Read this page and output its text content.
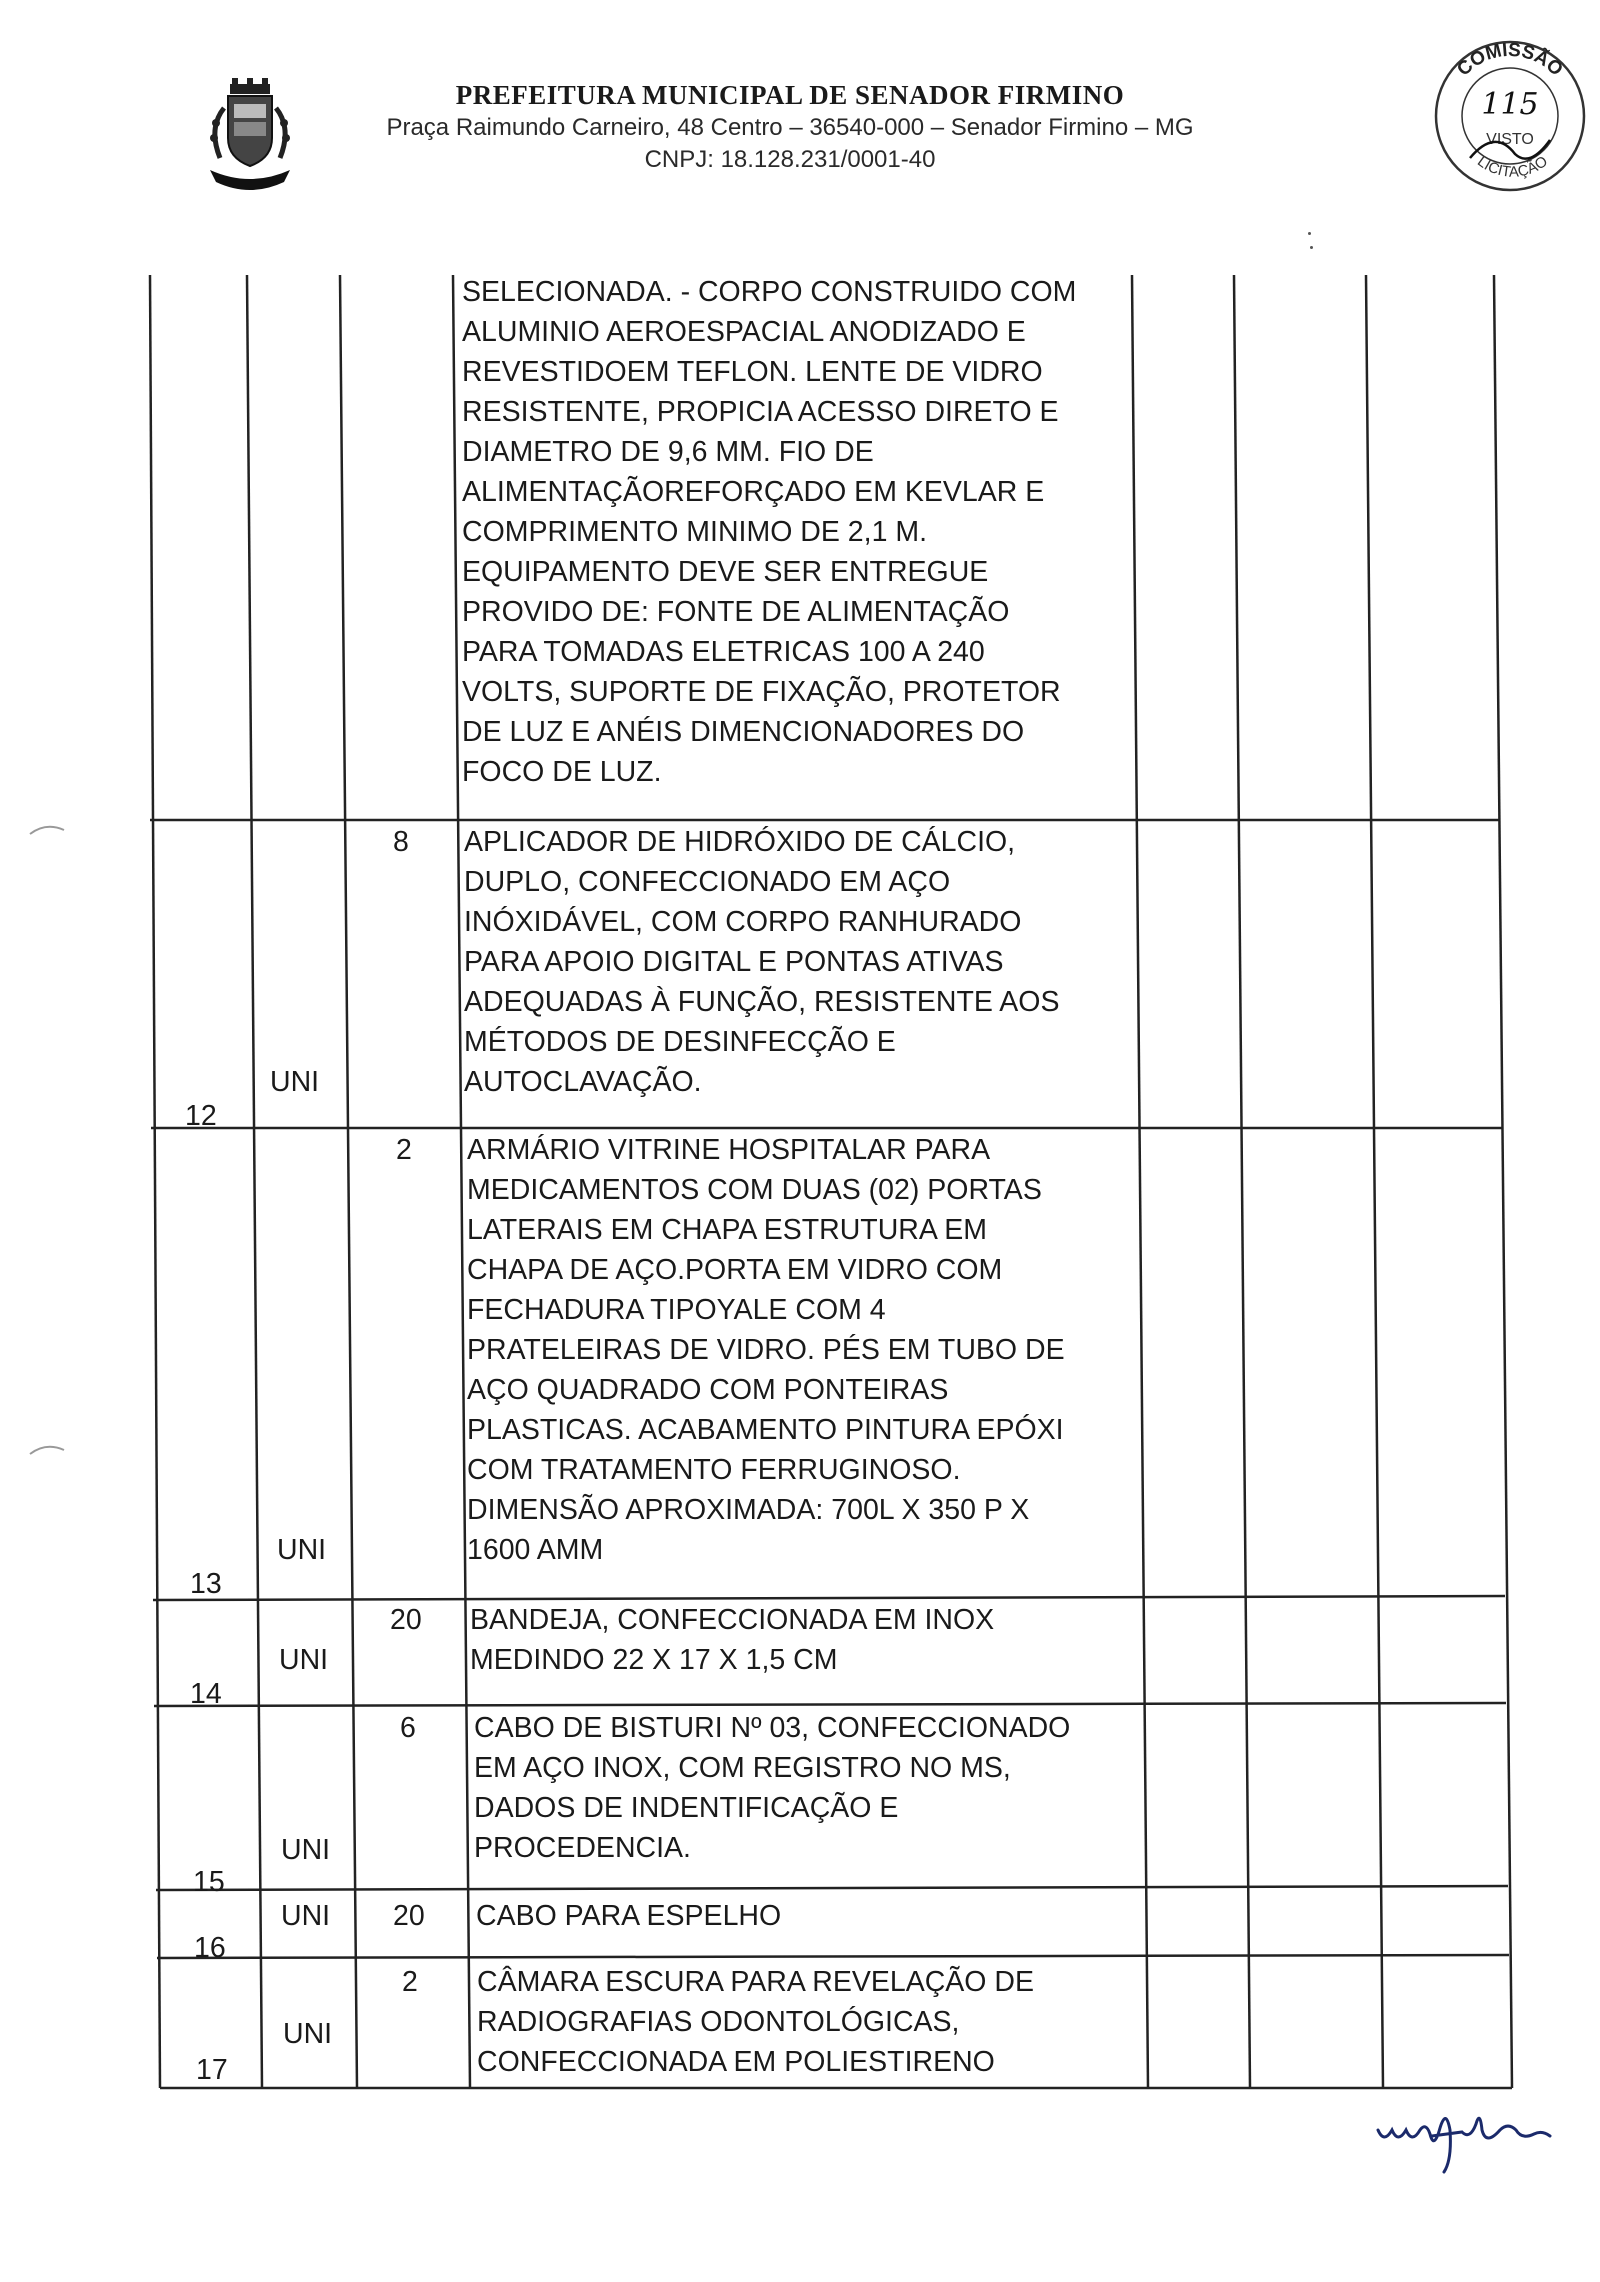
PREFEITURA MUNICIPAL DE SENADOR FIRMINO
Praça Raimundo Carneiro, 48 Centro – 36540-000 – Senador Firmino – MG
CNPJ: 18.128.231/0001-40
COMISSÃO
LICITAÇÃO
115
VISTO
SELECIONADA. - CORPO CONSTRUIDO COM
ALUMINIO AEROESPACIAL ANODIZADO E
REVESTIDOEM TEFLON. LENTE DE VIDRO
RESISTENTE, PROPICIA ACESSO DIRETO E
DIAMETRO DE 9,6 MM. FIO DE
ALIMENTAÇÃOREFORÇADO EM KEVLAR E
COMPRIMENTO MINIMO DE 2,1 M.
EQUIPAMENTO DEVE SER ENTREGUE
PROVIDO DE: FONTE DE ALIMENTAÇÃO
PARA TOMADAS ELETRICAS 100 A 240
VOLTS, SUPORTE DE FIXAÇÃO, PROTETOR
DE LUZ E ANÉIS DIMENCIONADORES DO
FOCO DE LUZ.
8 APLICADOR DE HIDRÓXIDO DE CÁLCIO,
DUPLO, CONFECCIONADO EM AÇO
INÓXIDÁVEL, COM CORPO RANHURADO
PARA APOIO DIGITAL E PONTAS ATIVAS
ADEQUADAS À FUNÇÃO, RESISTENTE AOS
MÉTODOS DE DESINFECÇÃO E
AUTOCLAVAÇÃO.
UNI
12
2 ARMÁRIO VITRINE HOSPITALAR PARA
MEDICAMENTOS COM DUAS (02) PORTAS
LATERAIS EM CHAPA ESTRUTURA EM
CHAPA DE AÇO.PORTA EM VIDRO COM
FECHADURA TIPOYALE COM 4
PRATELEIRAS DE VIDRO. PÉS EM TUBO DE
AÇO QUADRADO COM PONTEIRAS
PLASTICAS. ACABAMENTO PINTURA EPÓXI
COM TRATAMENTO FERRUGINOSO.
DIMENSÃO APROXIMADA: 700L X 350 P X
1600 AMM
UNI
13
20 BANDEJA, CONFECCIONADA EM INOX
MEDINDO 22 X 17 X 1,5 CM
UNI
14
6 CABO DE BISTURI Nº 03, CONFECCIONADO
EM AÇO INOX, COM REGISTRO NO MS,
DADOS DE INDENTIFICAÇÃO E
PROCEDENCIA.
UNI
15
UNI 20 CABO PARA ESPELHO
16
2 CÂMARA ESCURA PARA REVELAÇÃO DE
RADIOGRAFIAS ODONTOLÓGICAS,
CONFECCIONADA EM POLIESTIRENO
UNI
17
